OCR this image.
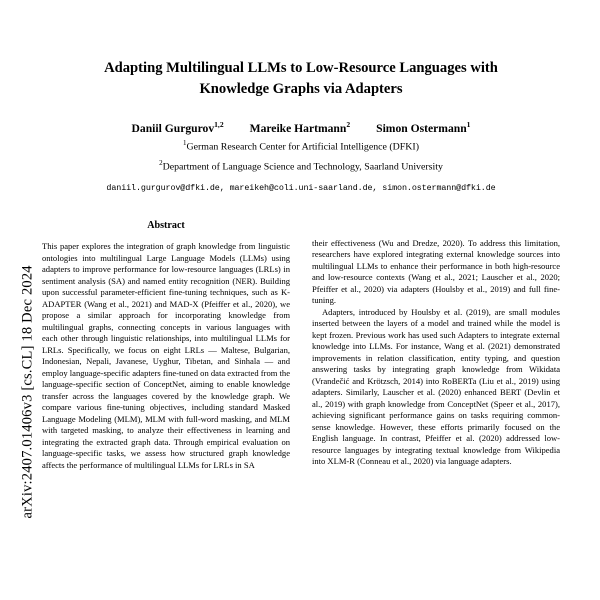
arXiv:2407.01406v3 [cs.CL] 18 Dec 2024
Adapting Multilingual LLMs to Low-Resource Languages with
Knowledge Graphs via Adapters
Daniil Gurgurov$^{1,2}$ Mareike Hartmann$^2$ Simon Ostermann$^1$
$^1$German Research Center for Artificial Intelligence (DFKI)
$^2$Department of Language Science and Technology, Saarland University
daniil.gurgurov@dfki.de, mareikeh@coli.uni-saarland.de, simon.ostermann@dfki.de
Abstract

This paper explores the integration of graph knowledge from linguistic ontologies into multilingual Large Language Models (LLMs) using adapters to improve performance for low-resource languages (LRLs) in sentiment analysis (SA) and named entity recognition (NER). Building upon successful parameter-efficient fine-tuning techniques, such as K-ADAPTER (Wang et al., 2021) and MAD-X (Pfeiffer et al., 2020), we propose a similar approach for incorporating knowledge from multilingual graphs, connecting concepts in various languages with each other through linguistic relationships, into multilingual LLMs for LRLs. Specifically, we focus on eight LRLs — Maltese, Bulgarian, Indonesian, Nepali, Javanese, Uyghur, Tibetan, and Sinhala — and employ language-specific adapters fine-tuned on data extracted from the language-specific section of ConceptNet, aiming to enable knowledge transfer across the languages covered by the knowledge graph. We compare various fine-tuning objectives, including standard Masked Language Modeling (MLM), MLM with full-word masking, and MLM with targeted masking, to analyze their effectiveness in learning and integrating the extracted graph data. Through empirical evaluation on language-specific tasks, we assess how structured graph knowledge affects the performance of multilingual LLMs for LRLs in SA

their effectiveness (Wu and Dredze, 2020). To address this limitation, researchers have explored integrating external knowledge sources into multilingual LLMs to enhance their performance in both high-resource and low-resource contexts (Wang et al., 2021; Lauscher et al., 2020; Pfeiffer et al., 2020) via adapters (Houlsby et al., 2019) and full fine-tuning.

Adapters, introduced by Houlsby et al. (2019), are small modules inserted between the layers of a model and trained while the model is kept frozen. Previous work has used such Adapters to integrate external knowledge into LLMs. For instance, Wang et al. (2021) demonstrated improvements in relation classification, entity typing, and question answering tasks by integrating graph knowledge from Wikidata (Vrandečić and Krötzsch, 2014) into RoBERTa (Liu et al., 2019) using adapters. Similarly, Lauscher et al. (2020) enhanced BERT (Devlin et al., 2019) with graph knowledge from ConceptNet (Speer et al., 2017), achieving significant performance gains on tasks requiring common-sense knowledge. However, these efforts primarily focused on the English language. In contrast, Pfeiffer et al. (2020) addressed low-resource languages by integrating textual knowledge from Wikipedia into XLM-R (Conneau et al., 2020) via language adapters.
